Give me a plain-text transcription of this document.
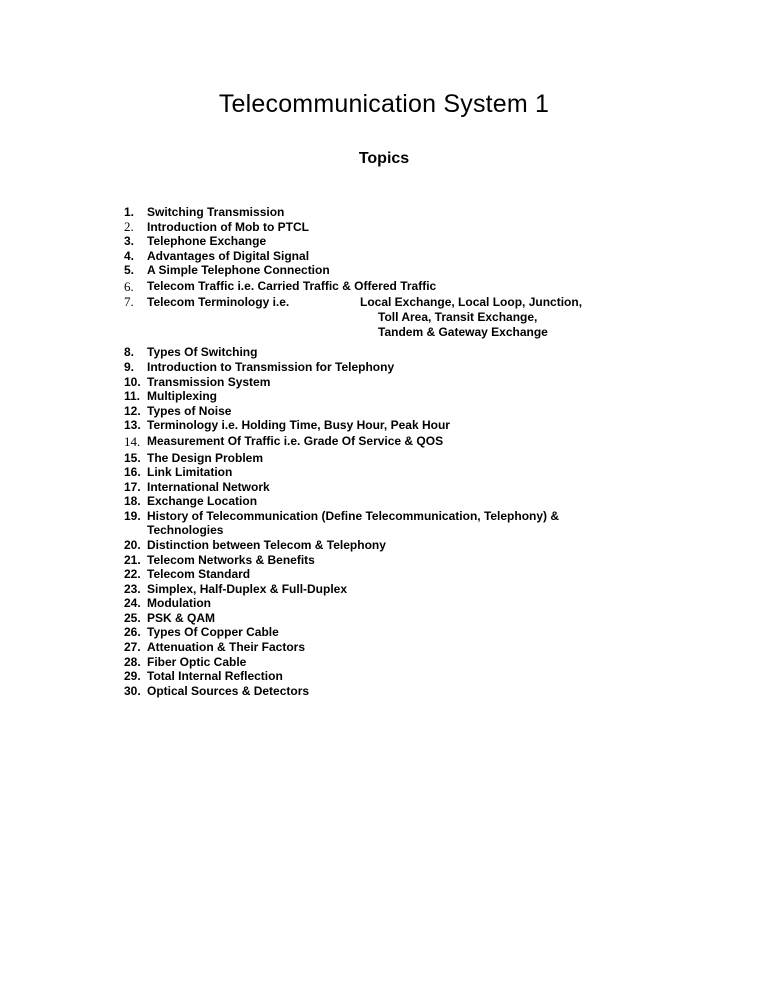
Telecommunication System 1
Topics
1. Switching Transmission
2. Introduction of Mob to PTCL
3. Telephone Exchange
4. Advantages of Digital Signal
5. A Simple Telephone Connection
6. Telecom Traffic i.e. Carried Traffic & Offered Traffic
7. Telecom Terminology i.e.	Local Exchange, Local Loop, Junction,
Toll Area, Transit Exchange,
Tandem & Gateway Exchange
8. Types Of Switching
9. Introduction to Transmission for Telephony
10. Transmission System
11. Multiplexing
12. Types of Noise
13. Terminology i.e. Holding Time, Busy Hour, Peak Hour
14. Measurement Of Traffic i.e. Grade Of Service & QOS
15. The Design Problem
16. Link Limitation
17. International Network
18. Exchange Location
19. History of Telecommunication (Define Telecommunication, Telephony) & Technologies
20. Distinction between Telecom & Telephony
21. Telecom Networks & Benefits
22. Telecom Standard
23. Simplex, Half-Duplex & Full-Duplex
24. Modulation
25. PSK & QAM
26. Types Of Copper Cable
27. Attenuation & Their Factors
28. Fiber Optic Cable
29. Total Internal Reflection
30. Optical Sources & Detectors
